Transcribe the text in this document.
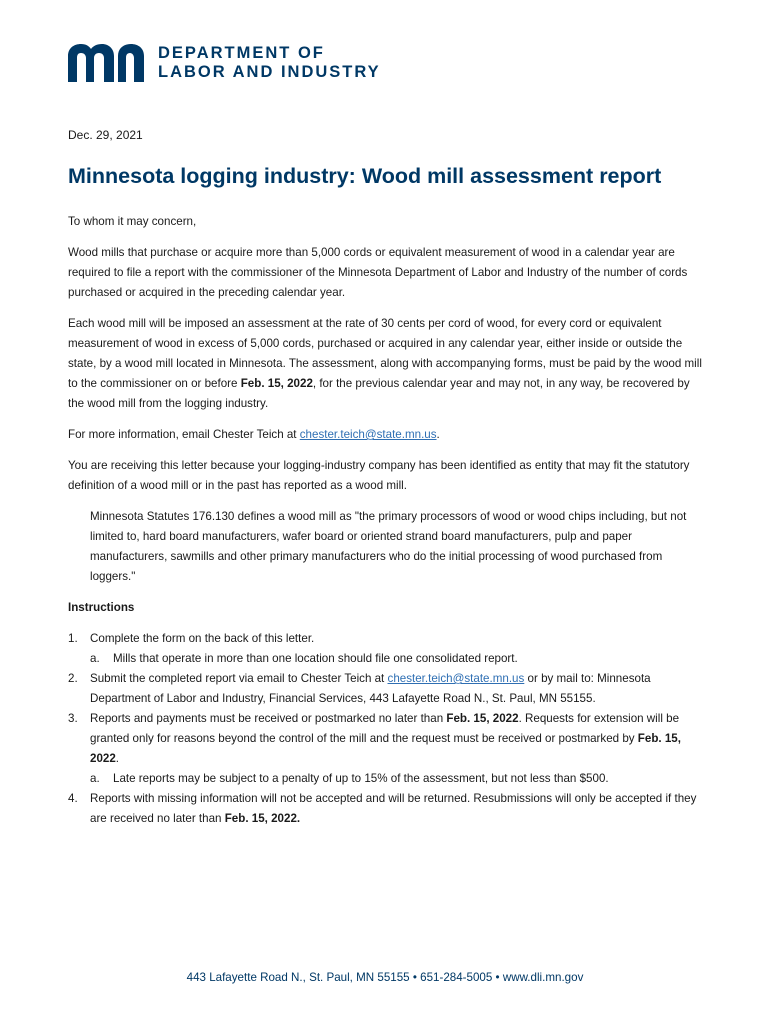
DEPARTMENT OF
LABOR AND INDUSTRY
Dec. 29, 2021
Minnesota logging industry: Wood mill assessment report

To whom it may concern,

Wood mills that purchase or acquire more than 5,000 cords or equivalent measurement of wood in a calendar year are required to file a report with the commissioner of the Minnesota Department of Labor and Industry of the number of cords purchased or acquired in the preceding calendar year.

Each wood mill will be imposed an assessment at the rate of 30 cents per cord of wood, for every cord or equivalent measurement of wood in excess of 5,000 cords, purchased or acquired in any calendar year, either inside or outside the state, by a wood mill located in Minnesota. The assessment, along with accompanying forms, must be paid by the wood mill to the commissioner on or before Feb. 15, 2022, for the previous calendar year and may not, in any way, be recovered by the wood mill from the logging industry.

For more information, email Chester Teich at chester.teich@state.mn.us.

You are receiving this letter because your logging-industry company has been identified as entity that may fit the statutory definition of a wood mill or in the past has reported as a wood mill.

Minnesota Statutes 176.130 defines a wood mill as "the primary processors of wood or wood chips including, but not limited to, hard board manufacturers, wafer board or oriented strand board manufacturers, pulp and paper manufacturers, sawmills and other primary manufacturers who do the initial processing of wood purchased from loggers."
Instructions
1. Complete the form on the back of this letter.
a. Mills that operate in more than one location should file one consolidated report.
2. Submit the completed report via email to Chester Teich at chester.teich@state.mn.us or by mail to: Minnesota Department of Labor and Industry, Financial Services, 443 Lafayette Road N., St. Paul, MN 55155.
3. Reports and payments must be received or postmarked no later than Feb. 15, 2022. Requests for extension will be granted only for reasons beyond the control of the mill and the request must be received or postmarked by Feb. 15, 2022.
a. Late reports may be subject to a penalty of up to 15% of the assessment, but not less than $500.
4. Reports with missing information will not be accepted and will be returned. Resubmissions will only be accepted if they are received no later than Feb. 15, 2022.
443 Lafayette Road N., St. Paul, MN 55155 • 651-284-5005 • www.dli.mn.gov
